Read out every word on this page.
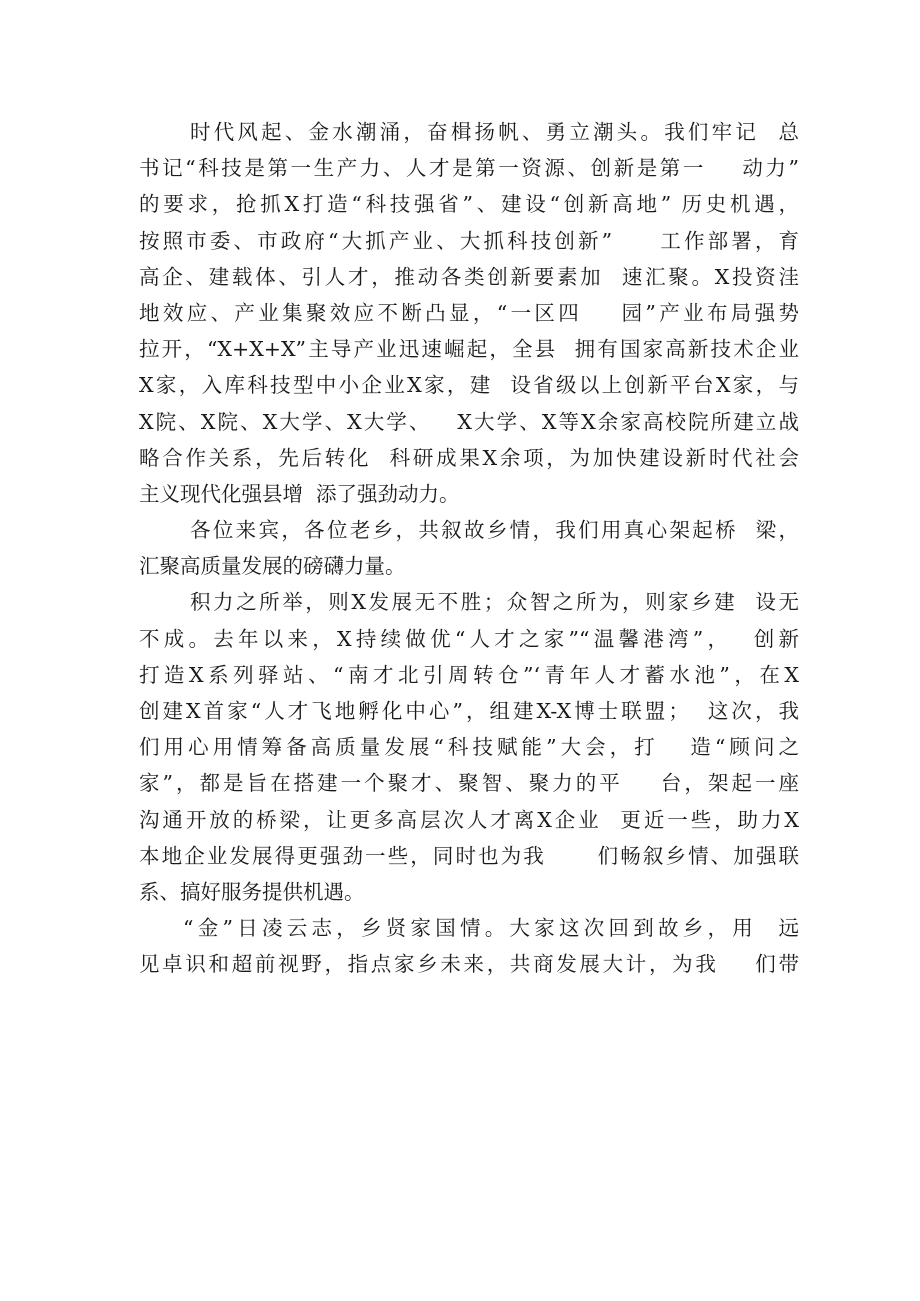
时代风起、金水潮涌，奋楫扬帆、勇立潮头。我们牢记  总
书记“科技是第一生产力、人才是第一资源、创新是第一    动力”
的要求，抢抓X打造“科技强省”、建设“创新高地” 历史机遇，
按照市委、市政府“大抓产业、大抓科技创新”     工作部署，育
高企、建载体、引人才，推动各类创新要素加  速汇聚。X投资洼
地效应、产业集聚效应不断凸显，“一区四    园”产业布局强势
拉开，“X+X+X”主导产业迅速崛起，全县  拥有国家高新技术企业
X家，入库科技型中小企业X家，建  设省级以上创新平台X家，与
X院、X院、X大学、X大学、   X大学、X等X余家高校院所建立战
略合作关系，先后转化  科研成果X余项，为加快建设新时代社会
主义现代化强县增  添了强劲动力。
各位来宾，各位老乡，共叙故乡情，我们用真心架起桥  梁，
汇聚高质量发展的磅礴力量。
积力之所举，则X发展无不胜；众智之所为，则家乡建  设无
不成。去年以来，X持续做优“人才之家”“温馨港湾”，  创新
打造X系列驿站、“南才北引周转仓”‘青年人才蓄水池”，在X
创建X首家“人才飞地孵化中心”，组建X-X博士联盟；  这次，我
们用心用情筹备高质量发展“科技赋能”大会，打   造“顾问之
家”，都是旨在搭建一个聚才、聚智、聚力的平    台，架起一座
沟通开放的桥梁，让更多高层次人才离X企业  更近一些，助力X
本地企业发展得更强劲一些，同时也为我      们畅叙乡情、加强联
系、搞好服务提供机遇。
“金”日凌云志，乡贤家国情。大家这次回到故乡，用  远
见卓识和超前视野，指点家乡未来，共商发展大计，为我    们带
